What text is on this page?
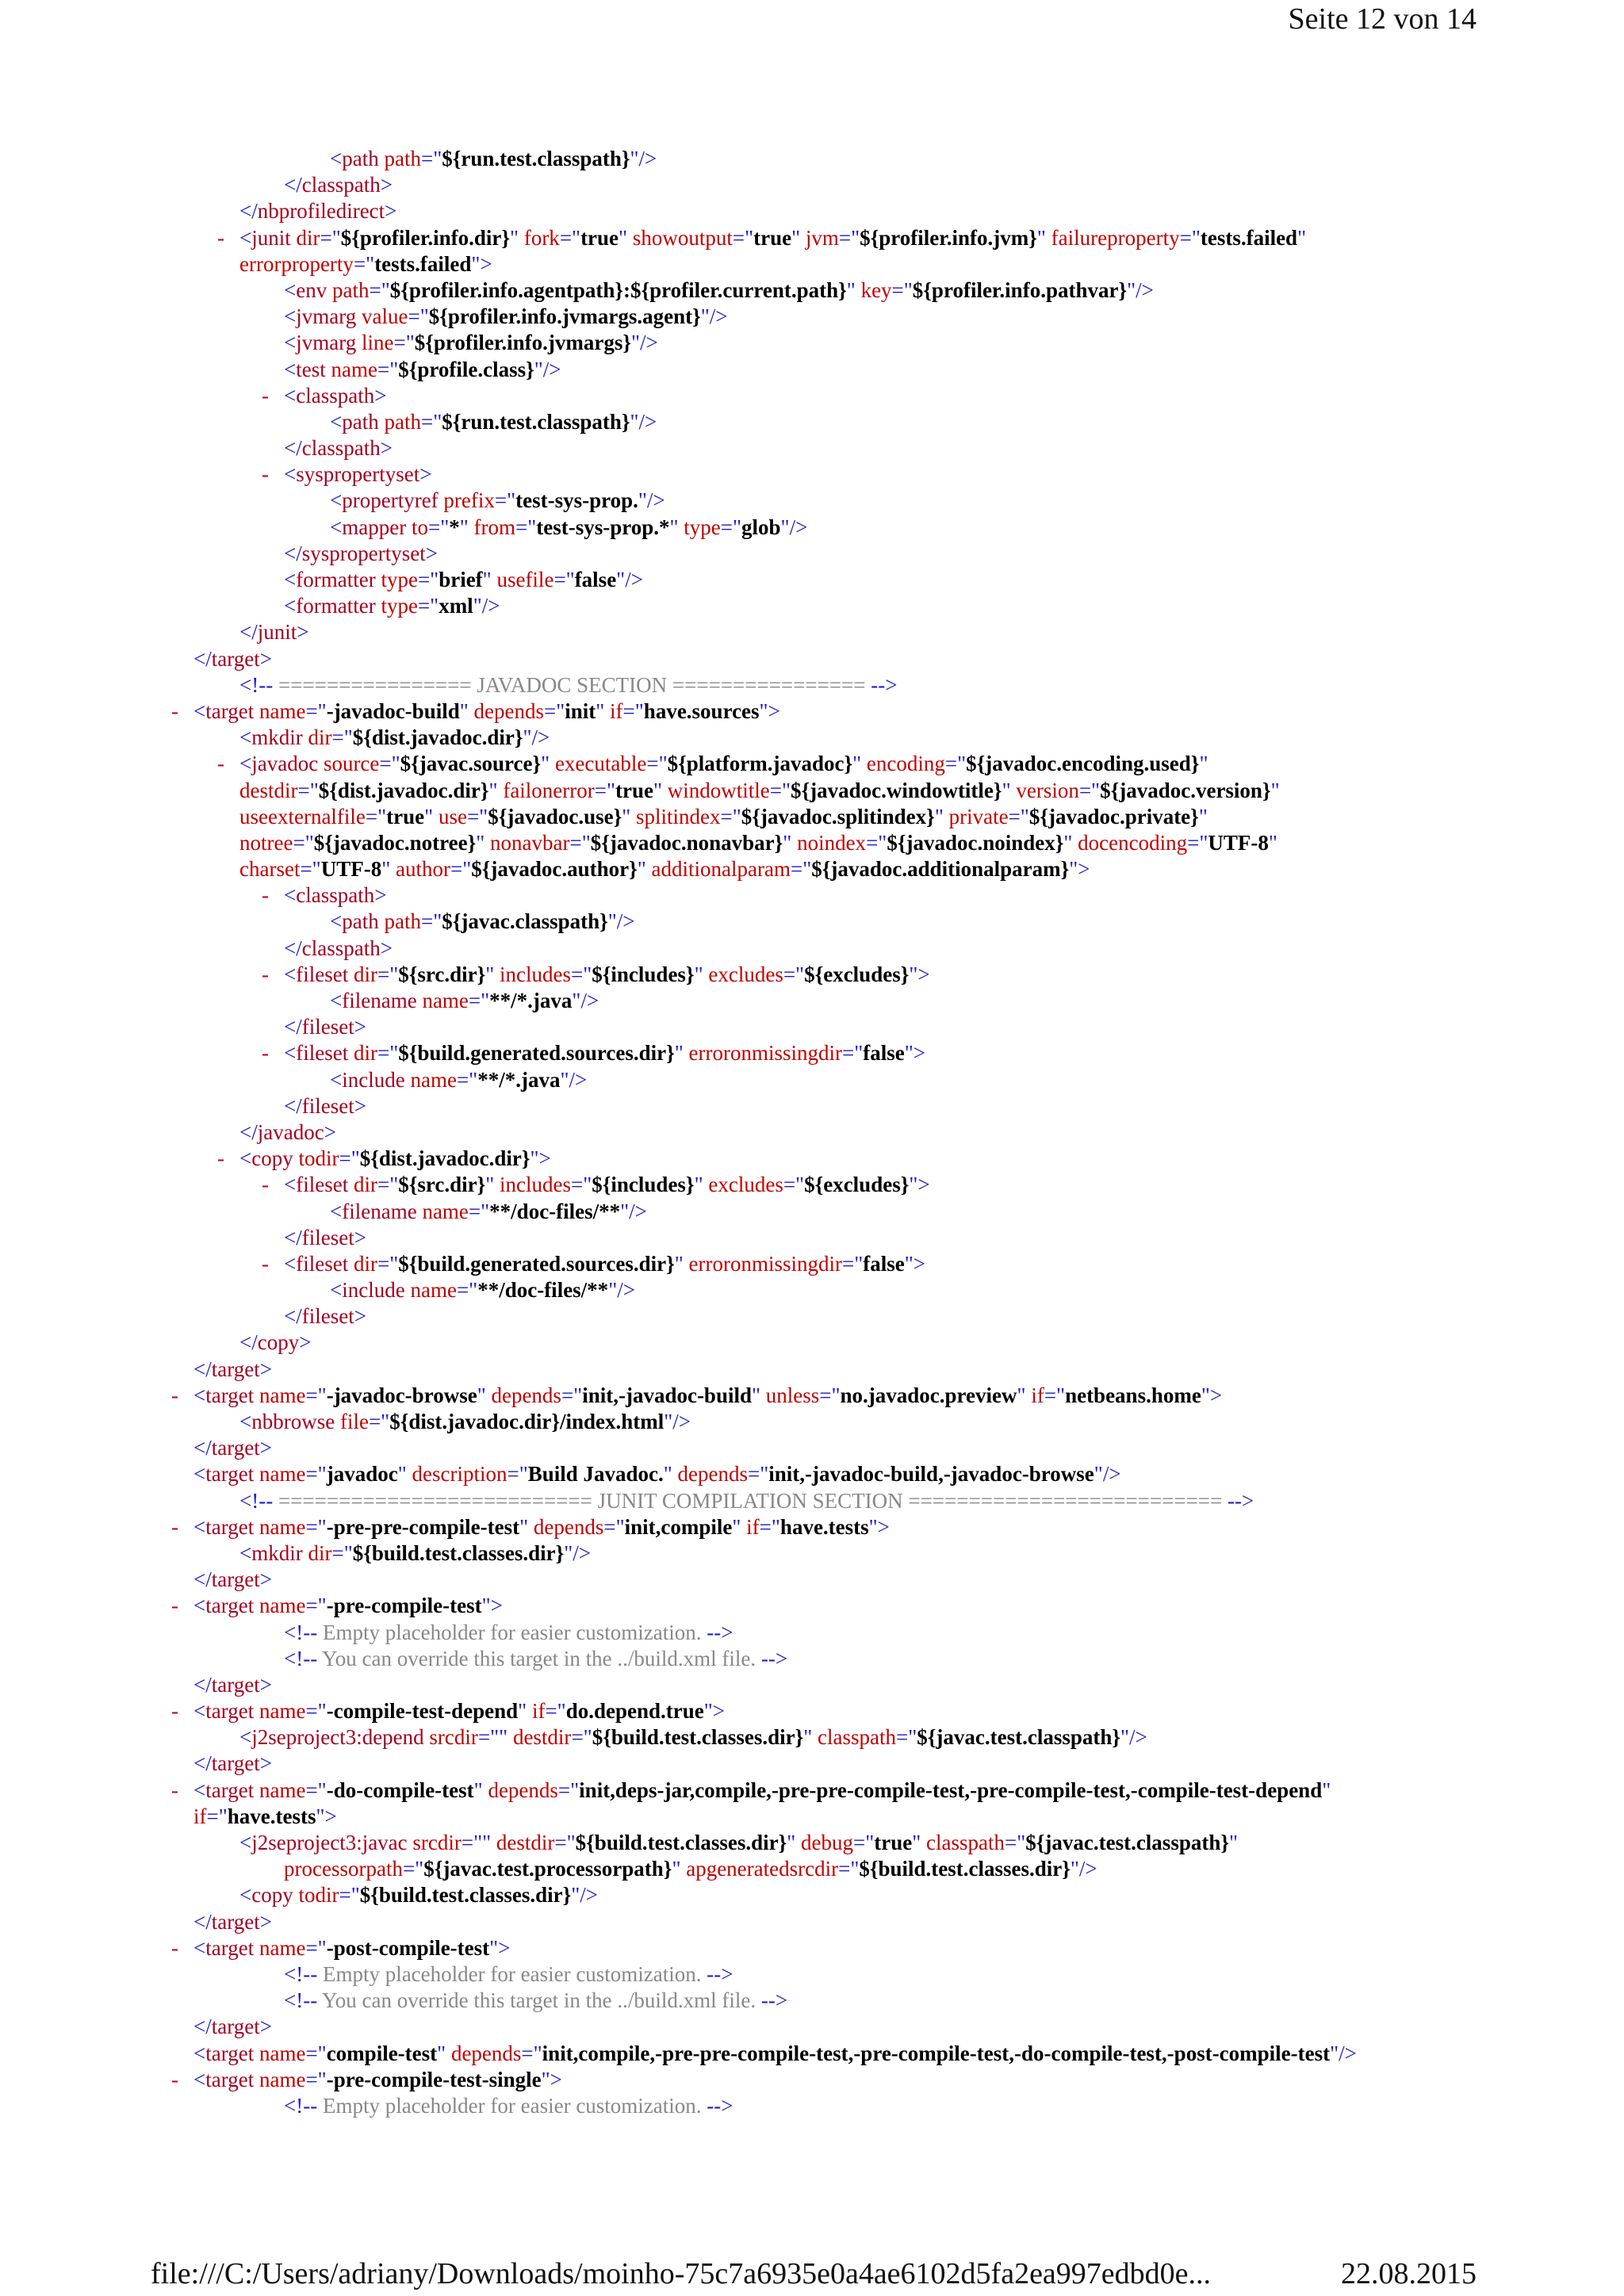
Seite 12 von 14
<path path="${run.test.classpath}"/>
</classpath>
</nbprofiledirect>
- <junit dir="${profiler.info.dir}" fork="true" showoutput="true" jvm="${profiler.info.jvm}" failureproperty="tests.failed"
errorproperty="tests.failed">
<env path="${profiler.info.agentpath}:${profiler.current.path}" key="${profiler.info.pathvar}"/>
<jvmarg value="${profiler.info.jvmargs.agent}"/>
<jvmarg line="${profiler.info.jvmargs}"/>
<test name="${profile.class}"/>
- <classpath>
<path path="${run.test.classpath}"/>
</classpath>
- <syspropertyset>
<propertyref prefix="test-sys-prop."/>
<mapper to="*" from="test-sys-prop.*" type="glob"/>
</syspropertyset>
<formatter type="brief" usefile="false"/>
<formatter type="xml"/>
</junit>
</target>
<!-- ================ JAVADOC SECTION ================ -->
- <target name="-javadoc-build" depends="init" if="have.sources">
<mkdir dir="${dist.javadoc.dir}"/>
- <javadoc source="${javac.source}" executable="${platform.javadoc}" encoding="${javadoc.encoding.used}"
destdir="${dist.javadoc.dir}" failonerror="true" windowtitle="${javadoc.windowtitle}" version="${javadoc.version}"
useexternalfile="true" use="${javadoc.use}" splitindex="${javadoc.splitindex}" private="${javadoc.private}"
notree="${javadoc.notree}" nonavbar="${javadoc.nonavbar}" noindex="${javadoc.noindex}" docencoding="UTF-8"
charset="UTF-8" author="${javadoc.author}" additionalparam="${javadoc.additionalparam}">
- <classpath>
<path path="${javac.classpath}"/>
</classpath>
- <fileset dir="${src.dir}" includes="${includes}" excludes="${excludes}">
<filename name="**/*.java"/>
</fileset>
- <fileset dir="${build.generated.sources.dir}" erroronmissingdir="false">
<include name="**/*.java"/>
</fileset>
</javadoc>
- <copy todir="${dist.javadoc.dir}">
- <fileset dir="${src.dir}" includes="${includes}" excludes="${excludes}">
<filename name="**/doc-files/**"/>
</fileset>
- <fileset dir="${build.generated.sources.dir}" erroronmissingdir="false">
<include name="**/doc-files/**"/>
</fileset>
</copy>
</target>
- <target name="-javadoc-browse" depends="init,-javadoc-build" unless="no.javadoc.preview" if="netbeans.home">
<nbbrowse file="${dist.javadoc.dir}/index.html"/>
</target>
<target name="javadoc" description="Build Javadoc." depends="init,-javadoc-build,-javadoc-browse"/>
<!-- ========================== JUNIT COMPILATION SECTION ========================== -->
- <target name="-pre-pre-compile-test" depends="init,compile" if="have.tests">
<mkdir dir="${build.test.classes.dir}"/>
</target>
- <target name="-pre-compile-test">
<!-- Empty placeholder for easier customization. -->
<!-- You can override this target in the ../build.xml file. -->
</target>
- <target name="-compile-test-depend" if="do.depend.true">
<j2seproject3:depend srcdir="" destdir="${build.test.classes.dir}" classpath="${javac.test.classpath}"/>
</target>
- <target name="-do-compile-test" depends="init,deps-jar,compile,-pre-pre-compile-test,-pre-compile-test,-compile-test-depend"
if="have.tests">
<j2seproject3:javac srcdir="" destdir="${build.test.classes.dir}" debug="true" classpath="${javac.test.classpath}"
processorpath="${javac.test.processorpath}" apgeneratedsrcdir="${build.test.classes.dir}"/>
<copy todir="${build.test.classes.dir}"/>
</target>
- <target name="-post-compile-test">
<!-- Empty placeholder for easier customization. -->
<!-- You can override this target in the ../build.xml file. -->
</target>
<target name="compile-test" depends="init,compile,-pre-pre-compile-test,-pre-compile-test,-do-compile-test,-post-compile-test"/>
- <target name="-pre-compile-test-single">
<!-- Empty placeholder for easier customization. -->
file:///C:/Users/adriany/Downloads/moinho-75c7a6935e0a4ae6102d5fa2ea997edbd0e...	22.08.2015
